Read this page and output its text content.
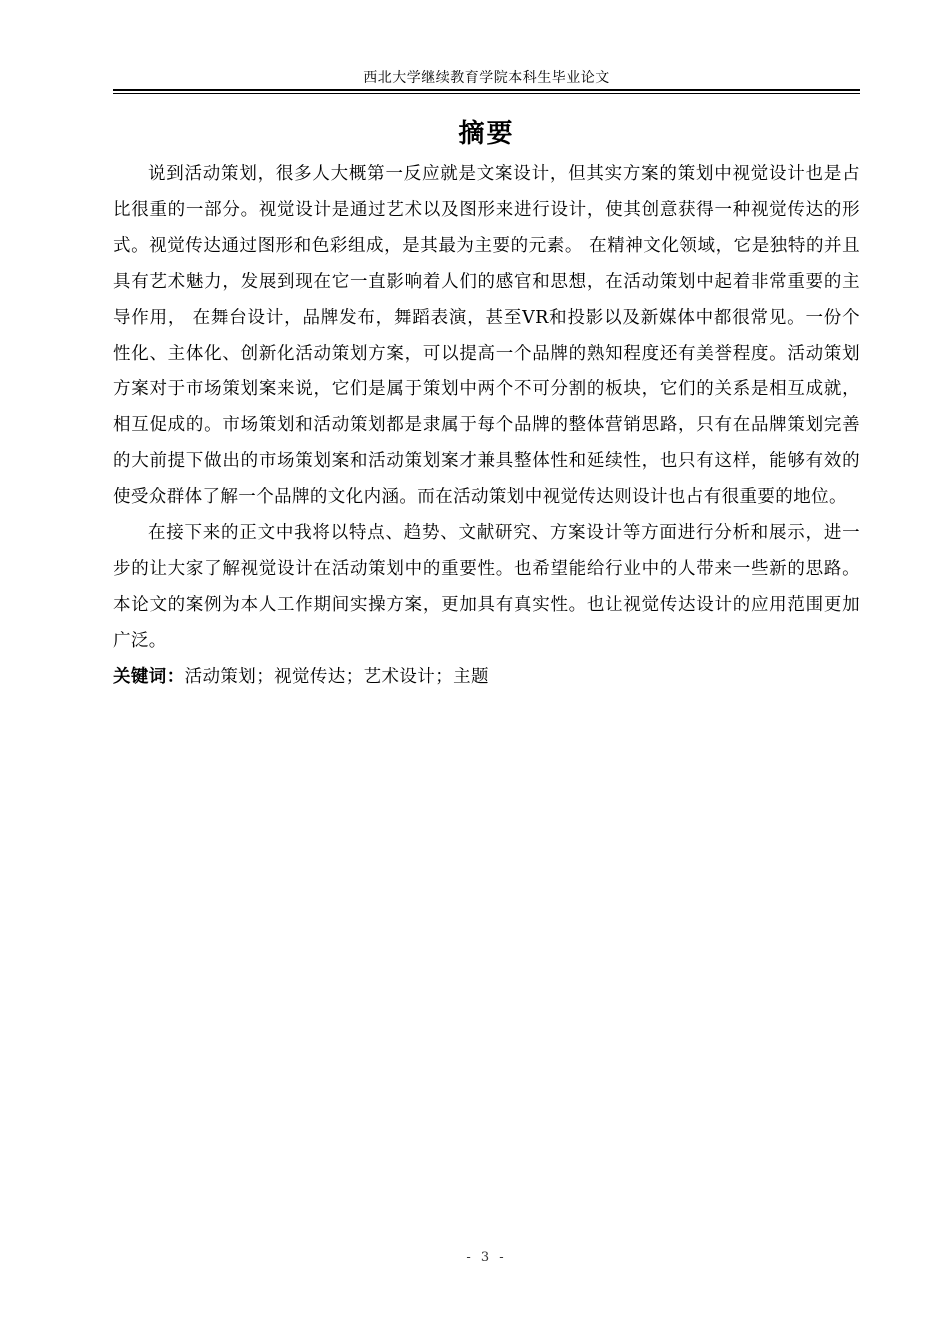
西北大学继续教育学院本科生毕业论文
摘要

说到活动策划，很多人大概第一反应就是文案设计，但其实方案的策划中视觉设计也是占比很重的一部分。视觉设计是通过艺术以及图形来进行设计，使其创意获得一种视觉传达的形式。视觉传达通过图形和色彩组成，是其最为主要的元素。 在精神文化领域，它是独特的并且具有艺术魅力，发展到现在它一直影响着人们的感官和思想，在活动策划中起着非常重要的主导作用， 在舞台设计，品牌发布，舞蹈表演，甚至VR和投影以及新媒体中都很常见。一份个性化、主体化、创新化活动策划方案，可以提高一个品牌的熟知程度还有美誉程度。活动策划方案对于市场策划案来说，它们是属于策划中两个不可分割的板块，它们的关系是相互成就，相互促成的。市场策划和活动策划都是隶属于每个品牌的整体营销思路，只有在品牌策划完善的大前提下做出的市场策划案和活动策划案才兼具整体性和延续性，也只有这样，能够有效的使受众群体了解一个品牌的文化内涵。而在活动策划中视觉传达则设计也占有很重要的地位。

在接下来的正文中我将以特点、趋势、文献研究、方案设计等方面进行分析和展示，进一步的让大家了解视觉设计在活动策划中的重要性。也希望能给行业中的人带来一些新的思路。本论文的案例为本人工作期间实操方案，更加具有真实性。也让视觉传达设计的应用范围更加广泛。

关键词：活动策划；视觉传达；艺术设计；主题

- 3 -
